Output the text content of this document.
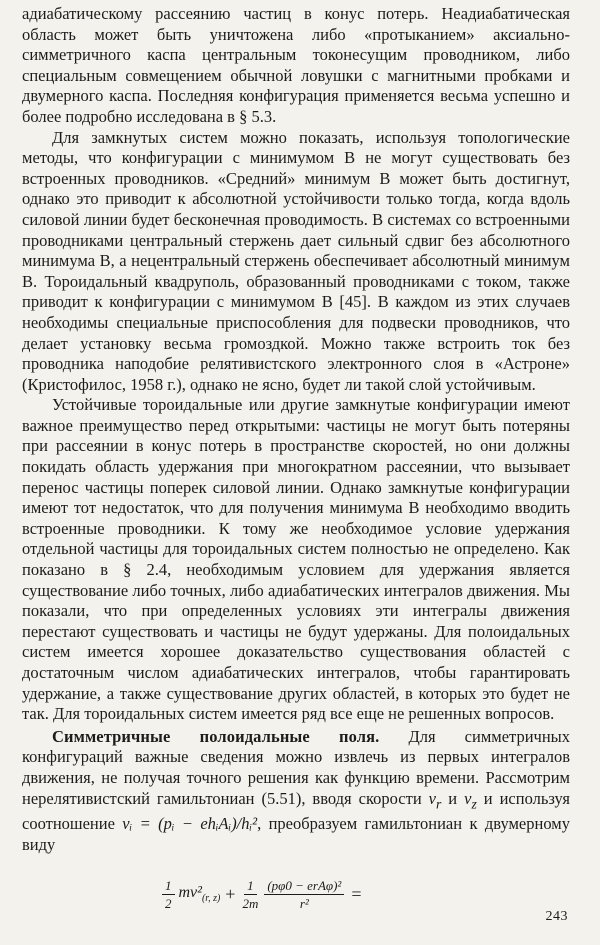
адиабатическому рассеянию частиц в конус потерь. Неадиабатическая область может быть уничтожена либо «протыканием» аксиально-симметричного каспа центральным токонесущим проводником, либо специальным совмещением обычной ловушки с магнитными пробками и двумерного каспа. Последняя конфигурация применяется весьма успешно и более подробно исследована в § 5.3.

Для замкнутых систем можно показать, используя топологические методы, что конфигурации с минимумом B не могут существовать без встроенных проводников. «Средний» минимум B может быть достигнут, однако это приводит к абсолютной устойчивости только тогда, когда вдоль силовой линии будет бесконечная проводимость. В системах со встроенными проводниками центральный стержень дает сильный сдвиг без абсолютного минимума B, а нецентральный стержень обеспечивает абсолютный минимум B. Тороидальный квадруполь, образованный проводниками с током, также приводит к конфигурации с минимумом B [45]. В каждом из этих случаев необходимы специальные приспособления для подвески проводников, что делает установку весьма громоздкой. Можно также встроить ток без проводника наподобие релятивистского электронного слоя в «Астроне» (Кристофилос, 1958 г.), однако не ясно, будет ли такой слой устойчивым.

Устойчивые тороидальные или другие замкнутые конфигурации имеют важное преимущество перед открытыми: частицы не могут быть потеряны при рассеянии в конус потерь в пространстве скоростей, но они должны покидать область удержания при многократном рассеянии, что вызывает перенос частицы поперек силовой линии. Однако замкнутые конфигурации имеют тот недостаток, что для получения минимума B необходимо вводить встроенные проводники. К тому же необходимое условие удержания отдельной частицы для тороидальных систем полностью не определено. Как показано в § 2.4, необходимым условием для удержания является существование либо точных, либо адиабатических интегралов движения. Мы показали, что при определенных условиях эти интегралы движения перестают существовать и частицы не будут удержаны. Для полоидальных систем имеется хорошее доказательство существования областей с достаточным числом адиабатических интегралов, чтобы гарантировать удержание, а также существование других областей, в которых это будет не так. Для тороидальных систем имеется ряд все еще не решенных вопросов.

Симметричные полоидальные поля. Для симметричных конфигураций важные сведения можно извлечь из первых интегралов движения, не получая точного решения как функцию времени. Рассмотрим нерелятивистский гамильтониан (5.51), вводя скорости $v_r$ и $v_z$ и используя соотношение vᵢ = (pᵢ − ehᵢAᵢ)/hᵢ², преобразуем гамильтониан к двумерному виду

$\frac{1}{2} mv^2_{(r, z)} + \frac{1}{2m} \frac{\text{(pφ0 − erAφ)²}}{\text{r²}}$ =
243
